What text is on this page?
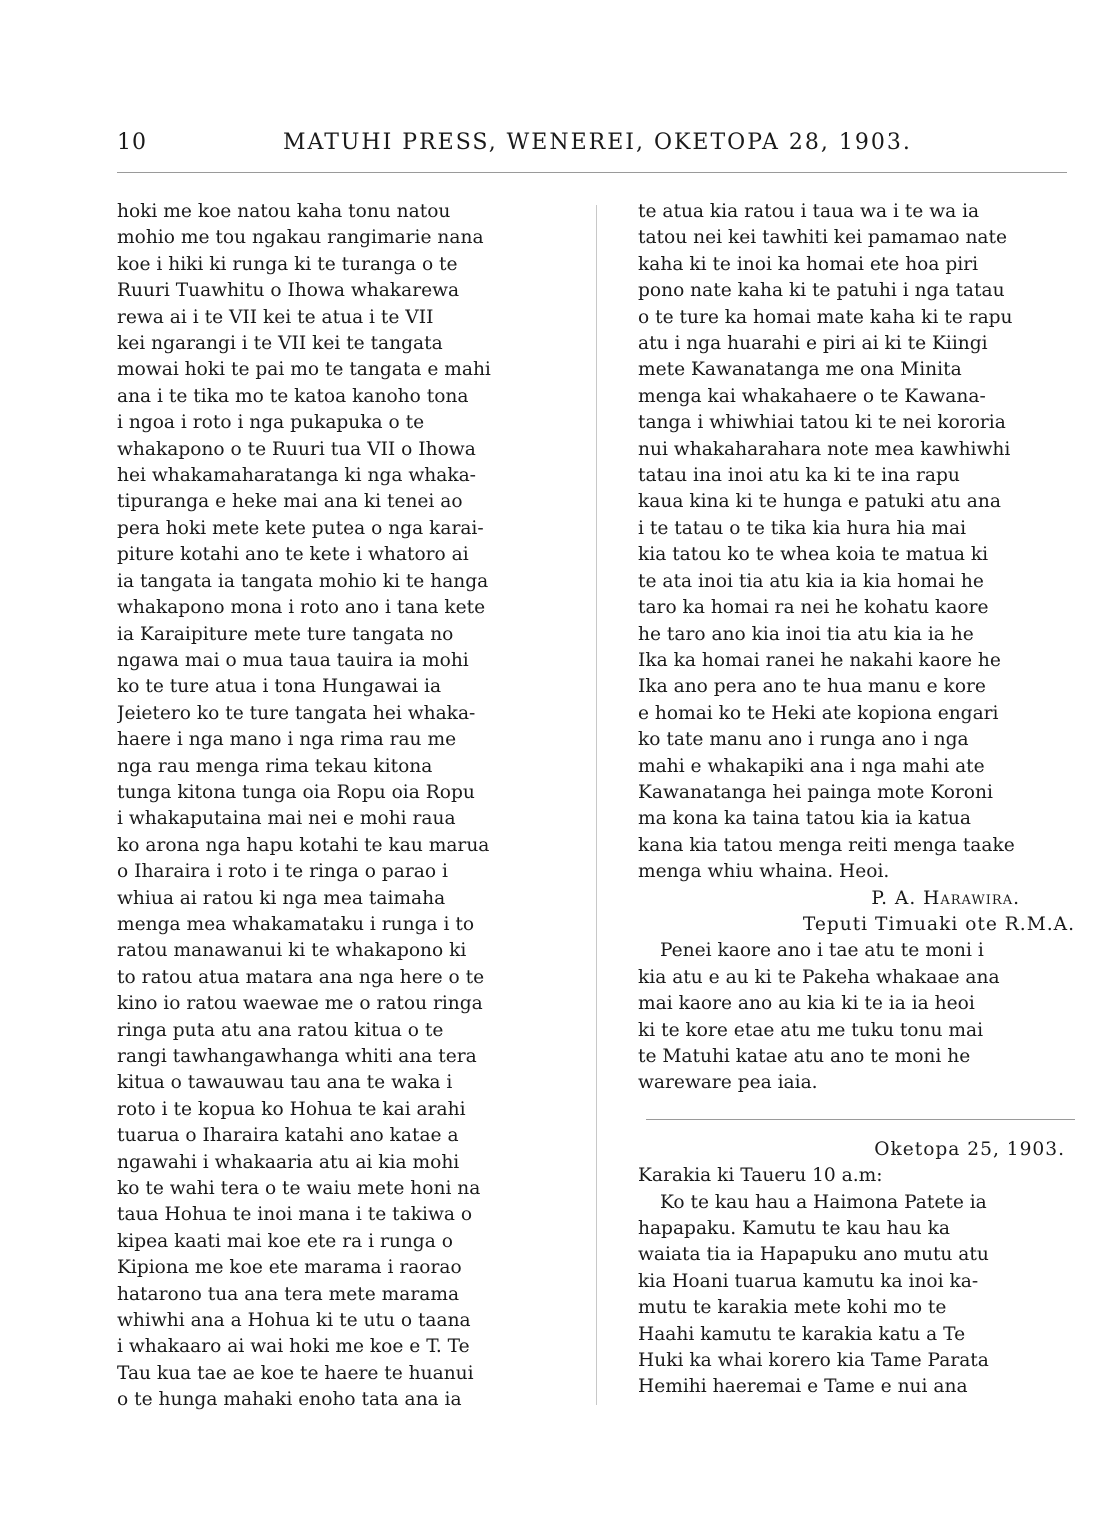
10	MATUHI PRESS, WENEREI, OKETOPA 28, 1903.
hoki me koe natou kaha tonu natou
mohio me tou ngakau rangimarie nana
koe i hiki ki runga ki te turanga o te
Ruuri Tuawhitu o Ihowa whakarewa
rewa ai i te VII kei te atua i te VII
kei ngarangi i te VII kei te tangata
mowai hoki te pai mo te tangata e mahi
ana i te tika mo te katoa kanoho tona
i ngoa i roto i nga pukapuka o te
whakapono o te Ruuri tua VII o Ihowa
hei whakamaharatanga ki nga whaka-
tipuranga e heke mai ana ki tenei ao
pera hoki mete kete putea o nga karai-
piture kotahi ano te kete i whatoro ai
ia tangata ia tangata mohio ki te hanga
whakapono mona i roto ano i tana kete
ia Karaipiture mete ture tangata no
ngawa mai o mua taua tauira ia mohi
ko te ture atua i tona Hungawai ia
Jeietero ko te ture tangata hei whaka-
haere i nga mano i nga rima rau me
nga rau menga rima tekau kitona
tunga kitona tunga oia Ropu oia Ropu
i whakaputaina mai nei e mohi raua
ko arona nga hapu kotahi te kau marua
o Iharaira i roto i te ringa o parao i
whiua ai ratou ki nga mea taimaha
menga mea whakamataku i runga i to
ratou manawanui ki te whakapono ki
to ratou atua matara ana nga here o te
kino io ratou waewae me o ratou ringa
ringa puta atu ana ratou kitua o te
rangi tawhangawhanga whiti ana tera
kitua o tawauwau tau ana te waka i
roto i te kopua ko Hohua te kai arahi
tuarua o Iharaira katahi ano katae a
ngawahi i whakaaria atu ai kia mohi
ko te wahi tera o te waiu mete honi na
taua Hohua te inoi mana i te takiwa o
kipea kaati mai koe ete ra i runga o
Kipiona me koe ete marama i raorao
hatarono tua ana tera mete marama
whiwhi ana a Hohua ki te utu o taana
i whakaaro ai wai hoki me koe e T. Te
Tau kua tae ae koe te haere te huanui
o te hunga mahaki enoho tata ana ia
te atua kia ratou i taua wa i te wa ia
tatou nei kei tawhiti kei pamamao nate
kaha ki te inoi ka homai ete hoa piri
pono nate kaha ki te patuhi i nga tatau
o te ture ka homai mate kaha ki te rapu
atu i nga huarahi e piri ai ki te Kiingi
mete Kawanatanga me ona Minita
menga kai whakahaere o te Kawana-
tanga i whiwhiai tatou ki te nei kororia
nui whakaharahara note mea kawhiwhi
tatau ina inoi atu ka ki te ina rapu
kaua kina ki te hunga e patuki atu ana
i te tatau o te tika kia hura hia mai
kia tatou ko te whea koia te matua ki
te ata inoi tia atu kia ia kia homai he
taro ka homai ra nei he kohatu kaore
he taro ano kia inoi tia atu kia ia he
Ika ka homai ranei he nakahi kaore he
Ika ano pera ano te hua manu e kore
e homai ko te Heki ate kopiona engari
ko tate manu ano i runga ano i nga
mahi e whakapiki ana i nga mahi ate
Kawanatanga hei painga mote Koroni
ma kona ka taina tatou kia ia katua
kana kia tatou menga reiti menga taake
menga whiu whaina. Heoi.
P. A. Harawira.
Teputi Timuaki ote R.M.A.
Penei kaore ano i tae atu te moni i
kia atu e au ki te Pakeha whakaae ana
mai kaore ano au kia ki te ia ia heoi
ki te kore etae atu me tuku tonu mai
te Matuhi katae atu ano te moni he
wareware pea iaia.
Oketopa 25, 1903.
Karakia ki Taueru 10 a.m:
Ko te kau hau a Haimona Patete ia
hapapaku. Kamutu te kau hau ka
waiata tia ia Hapapuku ano mutu atu
kia Hoani tuarua kamutu ka inoi ka-
mutu te karakia mete kohi mo te
Haahi kamutu te karakia katu a Te
Huki ka whai korero kia Tame Parata
Hemihi haeremai e Tame e nui ana
